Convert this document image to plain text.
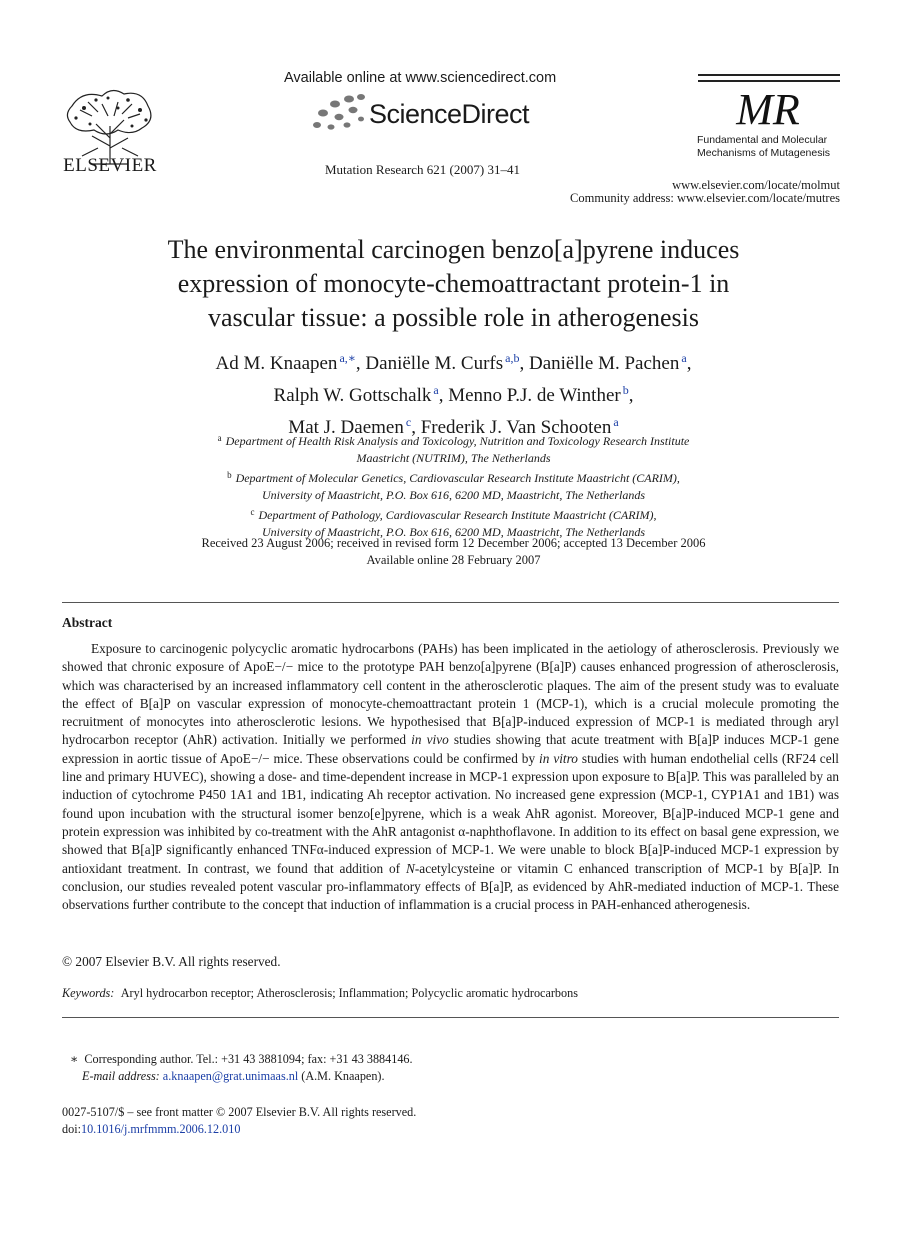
ELSEVIER
Available online at www.sciencedirect.com
ScienceDirect
Mutation Research 621 (2007) 31–41
MR
Fundamental and Molecular
Mechanisms of Mutagenesis
www.elsevier.com/locate/molmut
Community address: www.elsevier.com/locate/mutres
The environmental carcinogen benzo[a]pyrene induces
expression of monocyte-chemoattractant protein-1 in
vascular tissue: a possible role in atherogenesis
Ad M. Knaapen $^{a,∗}$, Daniëlle M. Curfs $^{a,b}$, Daniëlle M. Pachen $^a$,
Ralph W. Gottschalk $^a$, Menno P.J. de Winther $^b$,
Mat J. Daemen $^c$, Frederik J. Van Schooten $^a$
$^a$ Department of Health Risk Analysis and Toxicology, Nutrition and Toxicology Research Institute
Maastricht (NUTRIM), The Netherlands
$^b$ Department of Molecular Genetics, Cardiovascular Research Institute Maastricht (CARIM),
University of Maastricht, P.O. Box 616, 6200 MD, Maastricht, The Netherlands
$^c$ Department of Pathology, Cardiovascular Research Institute Maastricht (CARIM),
University of Maastricht, P.O. Box 616, 6200 MD, Maastricht, The Netherlands
Received 23 August 2006; received in revised form 12 December 2006; accepted 13 December 2006
Available online 28 February 2007
Abstract

Exposure to carcinogenic polycyclic aromatic hydrocarbons (PAHs) has been implicated in the aetiology of atherosclerosis. Previously we showed that chronic exposure of ApoE−/− mice to the prototype PAH benzo[a]pyrene (B[a]P) causes enhanced progression of atherosclerosis, which was characterised by an increased inflammatory cell content in the atherosclerotic plaques. The aim of the present study was to evaluate the effect of B[a]P on vascular expression of monocyte-chemoattractant protein 1 (MCP-1), which is a crucial molecule promoting the recruitment of monocytes into atherosclerotic lesions. We hypothesised that B[a]P-induced expression of MCP-1 is mediated through aryl hydrocarbon receptor (AhR) activation. Initially we performed in vivo studies showing that acute treatment with B[a]P induces MCP-1 gene expression in aortic tissue of ApoE−/− mice. These observations could be confirmed by in vitro studies with human endothelial cells (RF24 cell line and primary HUVEC), showing a dose- and time-dependent increase in MCP-1 expression upon exposure to B[a]P. This was paralleled by an induction of cytochrome P450 1A1 and 1B1, indicating Ah receptor activation. No increased gene expression (MCP-1, CYP1A1 and 1B1) was found upon incubation with the structural isomer benzo[e]pyrene, which is a weak AhR agonist. Moreover, B[a]P-induced MCP-1 gene and protein expression was inhibited by co-treatment with the AhR antagonist α-naphthoflavone. In addition to its effect on basal gene expression, we showed that B[a]P significantly enhanced TNFα-induced expression of MCP-1. We were unable to block B[a]P-induced MCP-1 expression by antioxidant treatment. In contrast, we found that addition of N-acetylcysteine or vitamin C enhanced transcription of MCP-1 by B[a]P. In conclusion, our studies revealed potent vascular pro-inflammatory effects of B[a]P, as evidenced by AhR-mediated induction of MCP-1. These observations further contribute to the concept that induction of inflammation is a crucial process in PAH-enhanced atherogenesis.

© 2007 Elsevier B.V. All rights reserved.
Keywords: Aryl hydrocarbon receptor; Atherosclerosis; Inflammation; Polycyclic aromatic hydrocarbons
∗ Corresponding author. Tel.: +31 43 3881094; fax: +31 43 3884146.
E-mail address: a.knaapen@grat.unimaas.nl (A.M. Knaapen).
0027-5107/$ – see front matter © 2007 Elsevier B.V. All rights reserved.
doi:10.1016/j.mrfmmm.2006.12.010
